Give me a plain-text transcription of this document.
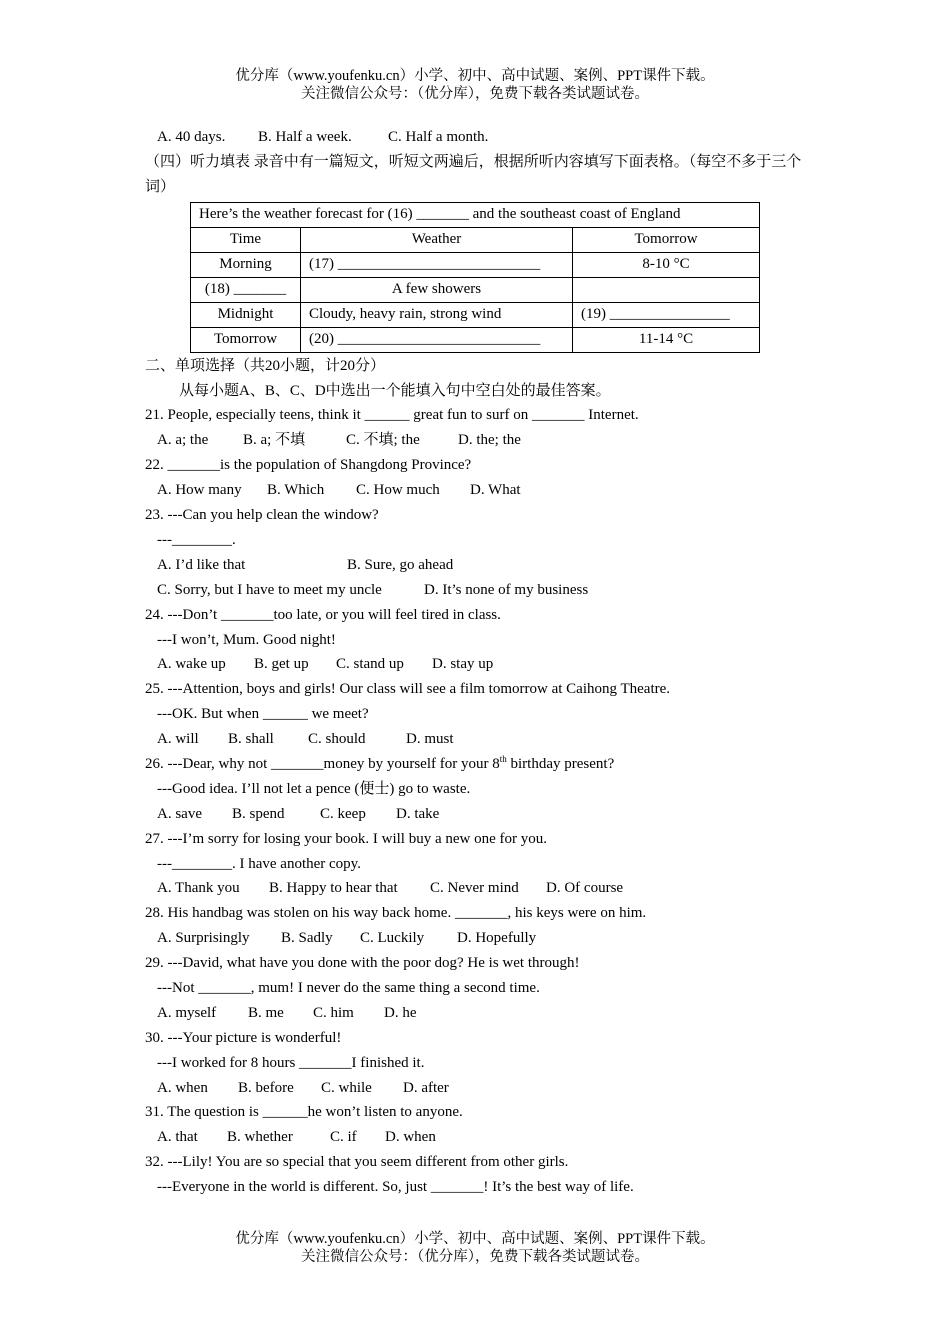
优分库（www.youfenku.cn）小学、初中、高中试题、案例、PPT课件下载。
关注微信公众号：（优分库），免费下载各类试题试卷。
A. 40 days. B. Half a week. C. Half a month.
（四）听力填表 录音中有一篇短文，听短文两遍后，根据所听内容填写下面表格。（每空不多于三个词）
Here’s the weather forecast for (16) _______ and the southeast coast of England		
Time	Weather	Tomorrow
Morning	(17) ___________________________	8-10 °C
(18) _______	A few showers	
Midnight	Cloudy, heavy rain, strong wind	(19) ________________
Tomorrow	(20) ___________________________	11-14 °C
二、单项选择（共20小题，计20分）
从每小题A、B、C、D中选出一个能填入句中空白处的最佳答案。
21. People, especially teens, think it ______ great fun to surf on _______ Internet.
A. a; the B. a; 不填	C. 不填; the	D. the; the
22. _______is the population of Shangdong Province?
A. How many B. Which C. How much D. What
23. ---Can you help clean the window?
---________.
A. I’d like that	B. Sure, go ahead
C. Sorry, but I have to meet my uncle	D. It’s none of my business
24. ---Don’t _______too late, or you will feel tired in class.
---I won’t, Mum. Good night!
A. wake up B. get up C. stand up D. stay up
25. ---Attention, boys and girls! Our class will see a film tomorrow at Caihong Theatre.
---OK. But when ______ we meet?
A. will B. shall C. should	D. must
26. ---Dear, why not _______money by yourself for your 8th birthday present?
---Good idea. I’ll not let a pence (便士) go to waste.
A. save B. spend C. keep D. take
27. ---I’m sorry for losing your book. I will buy a new one for you.
---________. I have another copy.
A. Thank you B. Happy to hear that C. Never mind D. Of course
28. His handbag was stolen on his way back home. _______, his keys were on him.
A. Surprisingly B. Sadly C. Luckily D. Hopefully
29. ---David, what have you done with the poor dog? He is wet through!
---Not _______, mum! I never do the same thing a second time.
A. myself B. me C. him D. he
30. ---Your picture is wonderful!
---I worked for 8 hours _______I finished it.
A. when B. before C. while D. after
31. The question is ______he won’t listen to anyone.
A. that B. whether C. if D. when
32. ---Lily! You are so special that you seem different from other girls.
---Everyone in the world is different. So, just _______! It’s the best way of life.
优分库（www.youfenku.cn）小学、初中、高中试题、案例、PPT课件下载。
关注微信公众号：（优分库），免费下载各类试题试卷。
